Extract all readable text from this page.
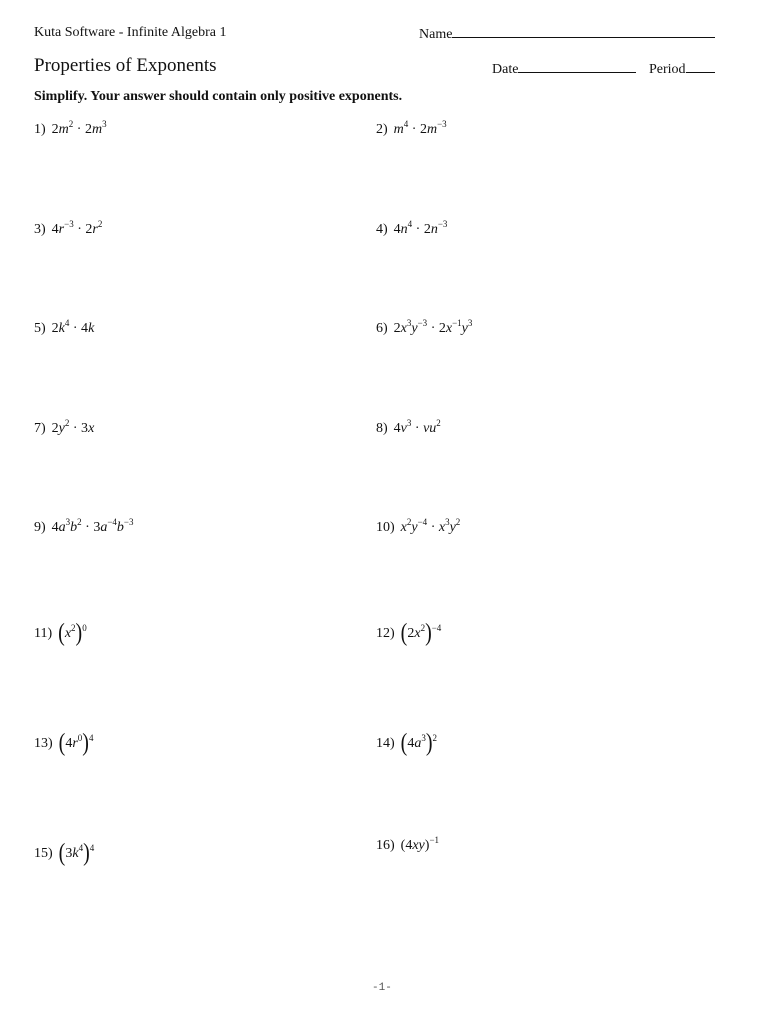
Kuta Software - Infinite Algebra 1	Name
Properties of Exponents	Date	Period
Simplify. Your answer should contain only positive exponents.
1) $2m^2 \cdot 2m^3$	2) $m^4 \cdot 2m^{-3}$
3) $4r^{-3} \cdot 2r^2$	4) $4n^4 \cdot 2n^{-3}$
5) $2k^4 \cdot 4k$	6) $2x^3y^{-3} \cdot 2x^{-1}y^3$
7) $2y^2 \cdot 3x$	8) $4v^3 \cdot vu^2$
9) $4a^3b^2 \cdot 3a^{-4}b^{-3}$	10) $x^2y^{-4} \cdot x^3y^2$
11) $(x^2)^0$	12) $(2x^2)^{-4}$
13) $(4r^0)^4$	14) $(4a^3)^2$
15) $(3k^4)^4$	16) $(4xy)^{-1}$
-1-
